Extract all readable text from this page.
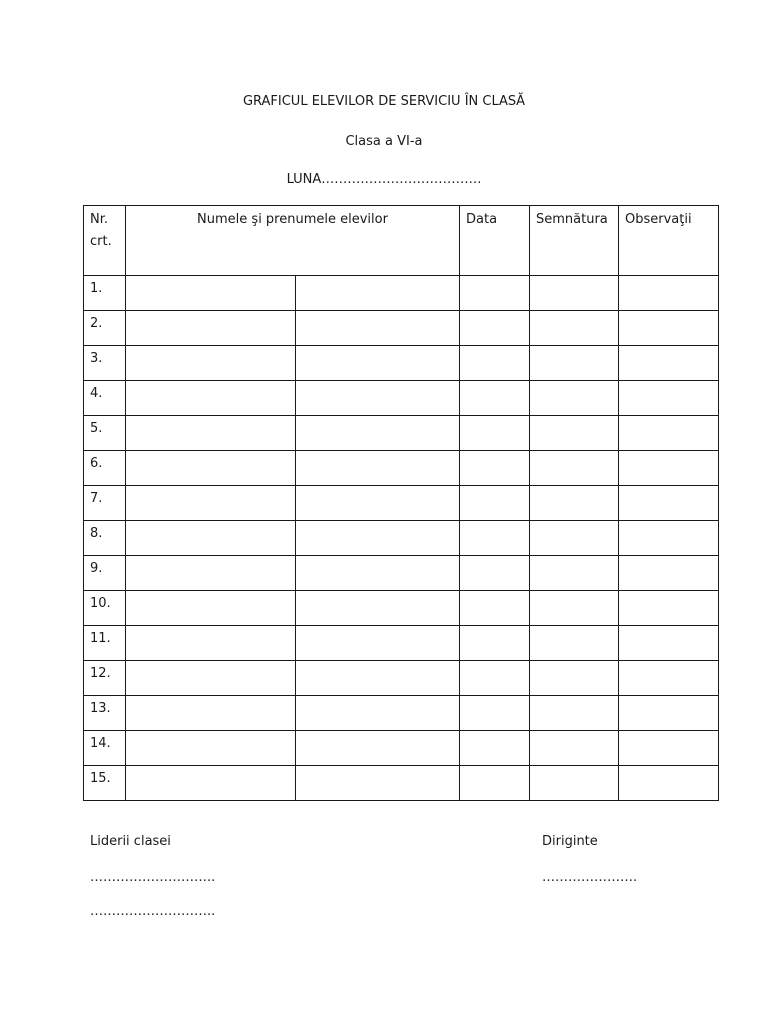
GRAFICUL ELEVILOR DE SERVICIU ÎN CLASĂ
Clasa a VI-a
LUNA……………………………….
Nr. crt.	Numele şi prenumele elevilor		Data	Semnătura	Observaţii

1.					

2.					

3.					

4.					

5.					

6.					

7.					

8.					

9.					

10.					

11.					

12.					

13.					

14.					

15.					

Liderii clasei
………………………..
………………………..
Diriginte
………………….
